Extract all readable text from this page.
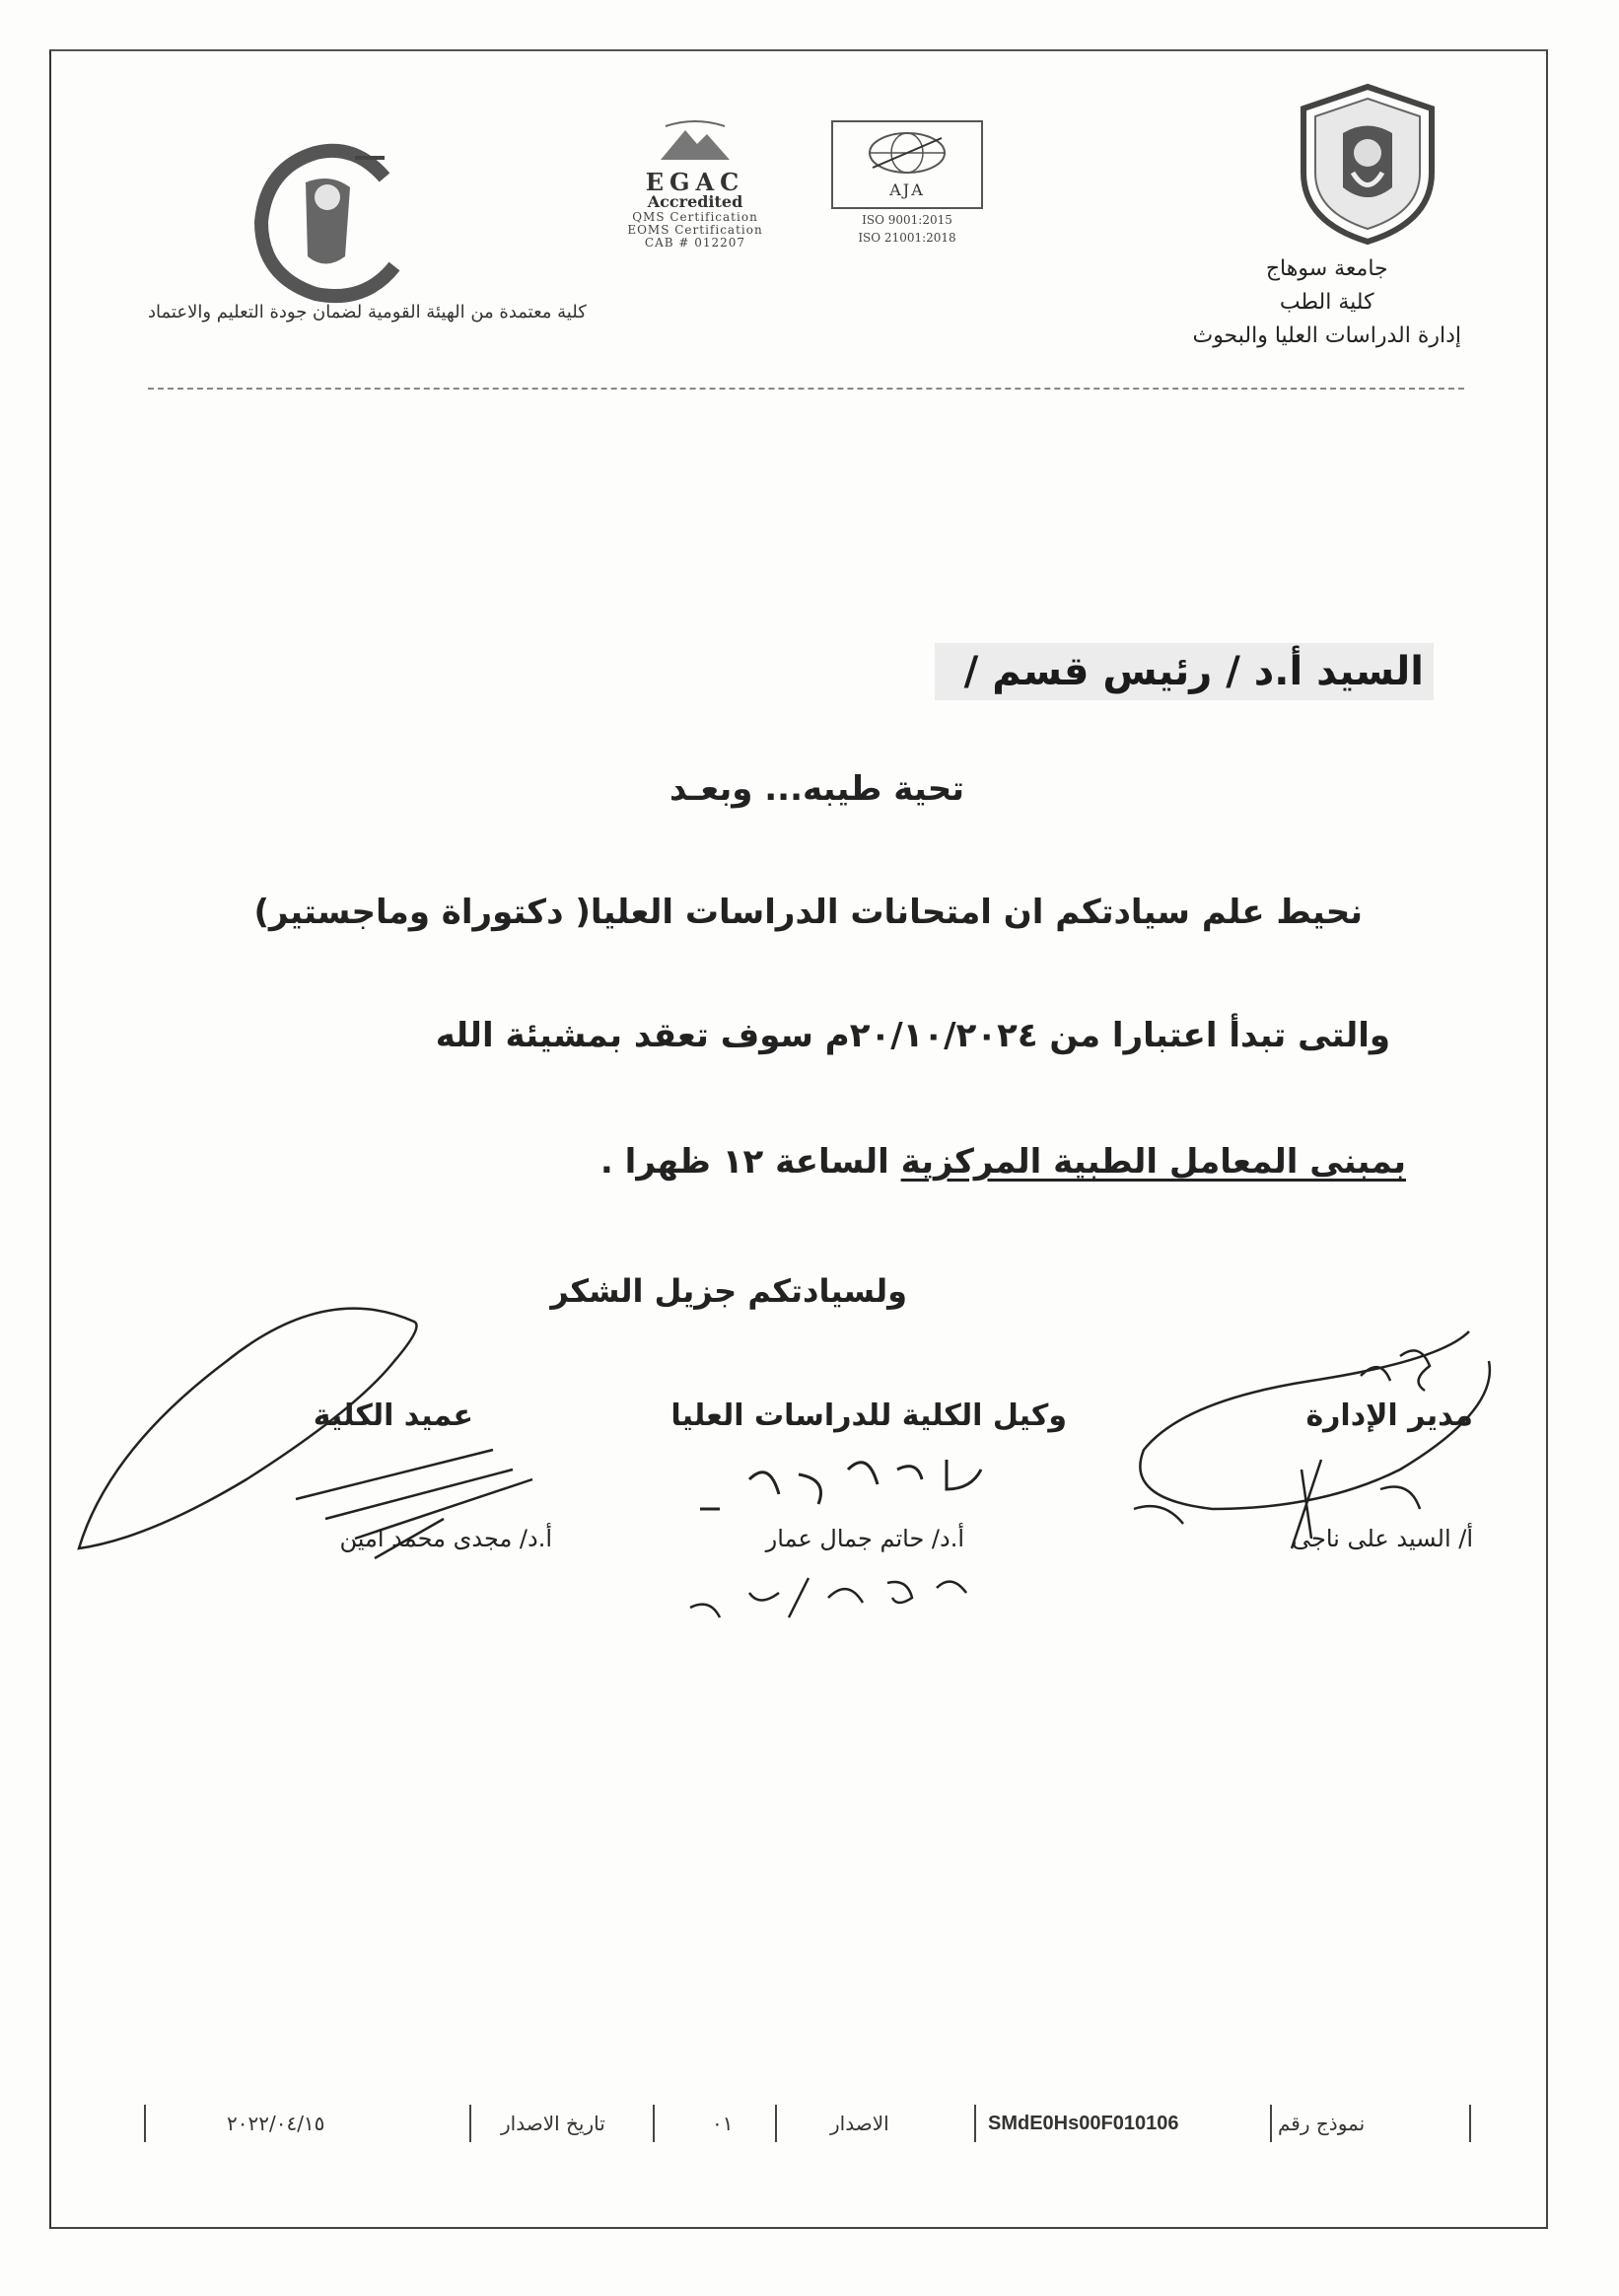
جامعة سوهاج
كلية الطب
إدارة الدراسات العليا والبحوث
AJA
ISO 9001:2015
ISO 21001:2018
EGAC
Accredited
QMS Certification
EOMS Certification
CAB # 012207
كلية معتمدة من الهيئة القومية لضمان جودة التعليم والاعتماد
السيد أ.د / رئيس قسم /
تحية طيبه... وبعـد
نحيط علم سيادتكم ان امتحانات الدراسات العليا( دكتوراة وماجستير)
والتى تبدأ اعتبارا من ٢٠/١٠/٢٠٢٤م سوف تعقد بمشيئة الله
بمبنى المعامل الطبية المركزية الساعة ١٢ ظهرا .
ولسيادتكم جزيل الشكر
مدير الإدارة
وكيل الكلية للدراسات العليا
عميد الكلية
أ/ السيد على ناجى
أ.د/ حاتم جمال عمار
أ.د/ مجدى محمد امين
٢٠٢٢/٠٤/١٥	تاريخ الاصدار	٠١	الاصدار	SMdE0Hs00F010106	نموذج رقم
